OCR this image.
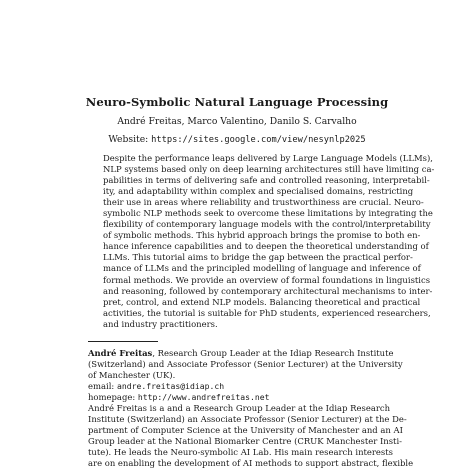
Neuro-Symbolic Natural Language Processing
André Freitas, Marco Valentino, Danilo S. Carvalho
Website: https://sites.google.com/view/nesynlp2025
Despite the performance leaps delivered by Large Language Models (LLMs),
NLP systems based only on deep learning architectures still have limiting ca-
pabilities in terms of delivering safe and controlled reasoning, interpretabil-
ity, and adaptability within complex and specialised domains, restricting
their use in areas where reliability and trustworthiness are crucial. Neuro-
symbolic NLP methods seek to overcome these limitations by integrating the
flexibility of contemporary language models with the control/interpretability
of symbolic methods. This hybrid approach brings the promise to both en-
hance inference capabilities and to deepen the theoretical understanding of
LLMs. This tutorial aims to bridge the gap between the practical perfor-
mance of LLMs and the principled modelling of language and inference of
formal methods. We provide an overview of formal foundations in linguistics
and reasoning, followed by contemporary architectural mechanisms to inter-
pret, control, and extend NLP models. Balancing theoretical and practical
activities, the tutorial is suitable for PhD students, experienced researchers,
and industry practitioners.
André Freitas, Research Group Leader at the Idiap Research Institute
(Switzerland) and Associate Professor (Senior Lecturer) at the University
of Manchester (UK).
email: andre.freitas@idiap.ch
homepage: http://www.andrefreitas.net
André Freitas is a and a Research Group Leader at the Idiap Research
Institute (Switzerland) an Associate Professor (Senior Lecturer) at the De-
partment of Computer Science at the University of Manchester and an AI
Group leader at the National Biomarker Centre (CRUK Manchester Insti-
tute). He leads the Neuro-symbolic AI Lab. His main research interests
are on enabling the development of AI methods to support abstract, flexible
